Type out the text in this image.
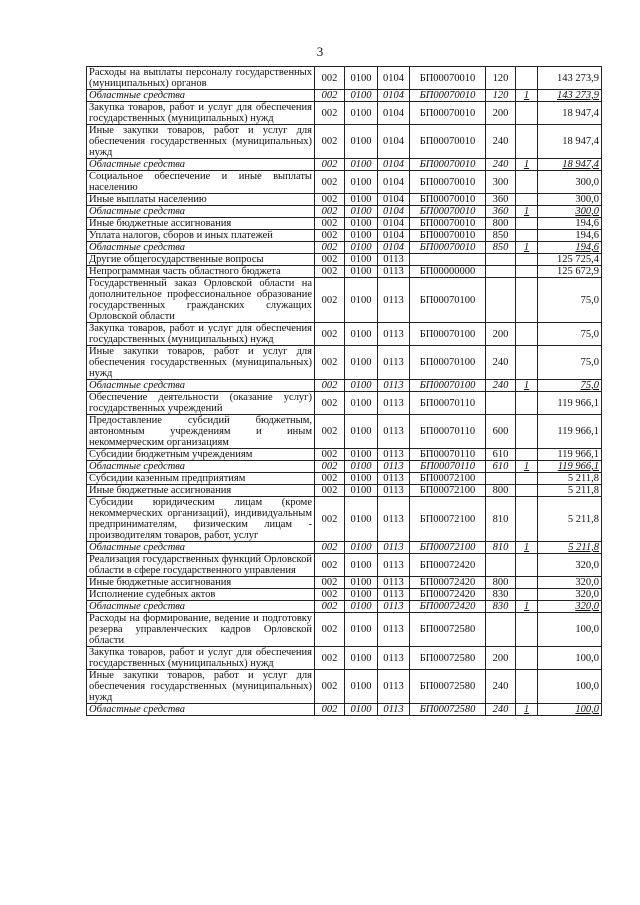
3
Расходы на выплаты персоналу государственных (муниципальных) органов	002	0100	0104	БП00070010	120		143 273,9
Областные средства	002	0100	0104	БП00070010	120	1	143 273,9
Закупка товаров, работ и услуг для обеспечения государственных (муниципальных) нужд	002	0100	0104	БП00070010	200		18 947,4
Иные закупки товаров, работ и услуг для обеспечения государственных (муниципальных) нужд	002	0100	0104	БП00070010	240		18 947,4
Областные средства	002	0100	0104	БП00070010	240	1	18 947,4
Социальное обеспечение и иные выплаты населению	002	0100	0104	БП00070010	300		300,0
Иные выплаты населению	002	0100	0104	БП00070010	360		300,0
Областные средства	002	0100	0104	БП00070010	360	1	300,0
Иные бюджетные ассигнования	002	0100	0104	БП00070010	800		194,6
Уплата налогов, сборов и иных платежей	002	0100	0104	БП00070010	850		194,6
Областные средства	002	0100	0104	БП00070010	850	1	194,6
Другие общегосударственные вопросы	002	0100	0113				125 725,4
Непрограммная часть областного бюджета	002	0100	0113	БП00000000			125 672,9
Государственный заказ Орловской области на дополнительное профессиональное образование государственных гражданских служащих Орловской области	002	0100	0113	БП00070100			75,0
Закупка товаров, работ и услуг для обеспечения государственных (муниципальных) нужд	002	0100	0113	БП00070100	200		75,0
Иные закупки товаров, работ и услуг для обеспечения государственных (муниципальных) нужд	002	0100	0113	БП00070100	240		75,0
Областные средства	002	0100	0113	БП00070100	240	1	75,0
Обеспечение деятельности (оказание услуг) государственных учреждений	002	0100	0113	БП00070110			119 966,1
Предоставление субсидий бюджетным, автономным учреждениям и иным некоммерческим организациям	002	0100	0113	БП00070110	600		119 966,1
Субсидии бюджетным учреждениям	002	0100	0113	БП00070110	610		119 966,1
Областные средства	002	0100	0113	БП00070110	610	1	119 966,1
Субсидии казенным предприятиям	002	0100	0113	БП00072100			5 211,8
Иные бюджетные ассигнования	002	0100	0113	БП00072100	800		5 211,8
Субсидии юридическим лицам (кроме некоммерческих организаций), индивидуальным предпринимателям, физическим лицам - производителям товаров, работ, услуг	002	0100	0113	БП00072100	810		5 211,8
Областные средства	002	0100	0113	БП00072100	810	1	5 211,8
Реализация государственных функций Орловской области в сфере государственного управления	002	0100	0113	БП00072420			320,0
Иные бюджетные ассигнования	002	0100	0113	БП00072420	800		320,0
Исполнение судебных актов	002	0100	0113	БП00072420	830		320,0
Областные средства	002	0100	0113	БП00072420	830	1	320,0
Расходы на формирование, ведение и подготовку резерва управленческих кадров Орловской области	002	0100	0113	БП00072580			100,0
Закупка товаров, работ и услуг для обеспечения государственных (муниципальных) нужд	002	0100	0113	БП00072580	200		100,0
Иные закупки товаров, работ и услуг для обеспечения государственных (муниципальных) нужд	002	0100	0113	БП00072580	240		100,0
Областные средства	002	0100	0113	БП00072580	240	1	100,0
